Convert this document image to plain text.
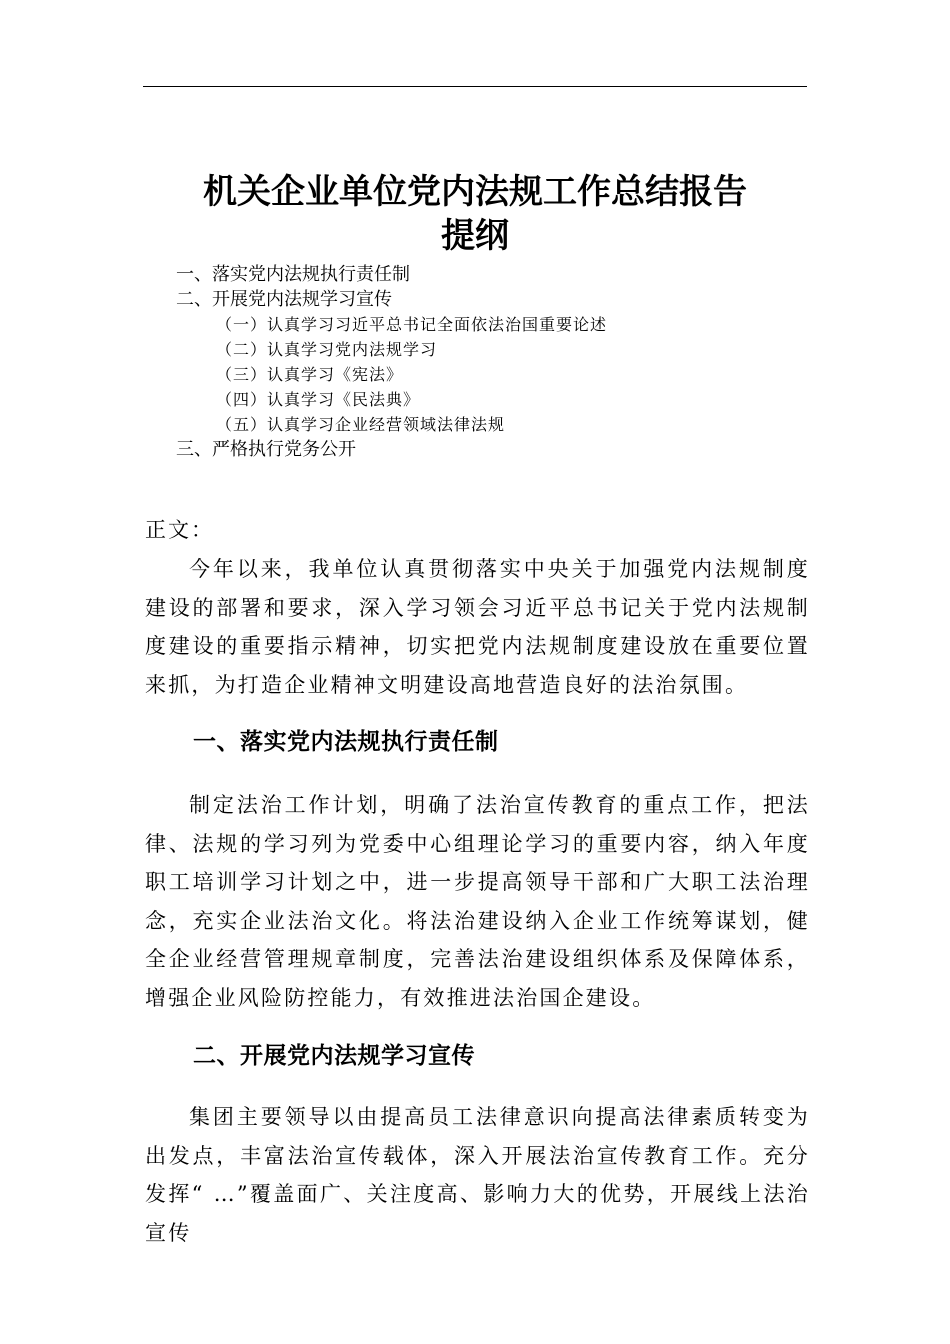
机关企业单位党内法规工作总结报告
提纲
一、落实党内法规执行责任制
二、开展党内法规学习宣传
（一）认真学习习近平总书记全面依法治国重要论述
（二）认真学习党内法规学习
（三）认真学习《宪法》
（四）认真学习《民法典》
（五）认真学习企业经营领域法律法规
三、严格执行党务公开
正文：

今年以来，我单位认真贯彻落实中央关于加强党内法规制度建设的部署和要求，深入学习领会习近平总书记关于党内法规制度建设的重要指示精神，切实把党内法规制度建设放在重要位置来抓，为打造企业精神文明建设高地营造良好的法治氛围。

一、落实党内法规执行责任制

制定法治工作计划，明确了法治宣传教育的重点工作，把法律、法规的学习列为党委中心组理论学习的重要内容，纳入年度职工培训学习计划之中，进一步提高领导干部和广大职工法治理念，充实企业法治文化。将法治建设纳入企业工作统筹谋划，健全企业经营管理规章制度，完善法治建设组织体系及保障体系，增强企业风险防控能力，有效推进法治国企建设。

二、开展党内法规学习宣传

集团主要领导以由提高员工法律意识向提高法律素质转变为出发点，丰富法治宣传载体，深入开展法治宣传教育工作。充分发挥“ …”覆盖面广、关注度高、影响力大的优势，开展线上法治宣传
